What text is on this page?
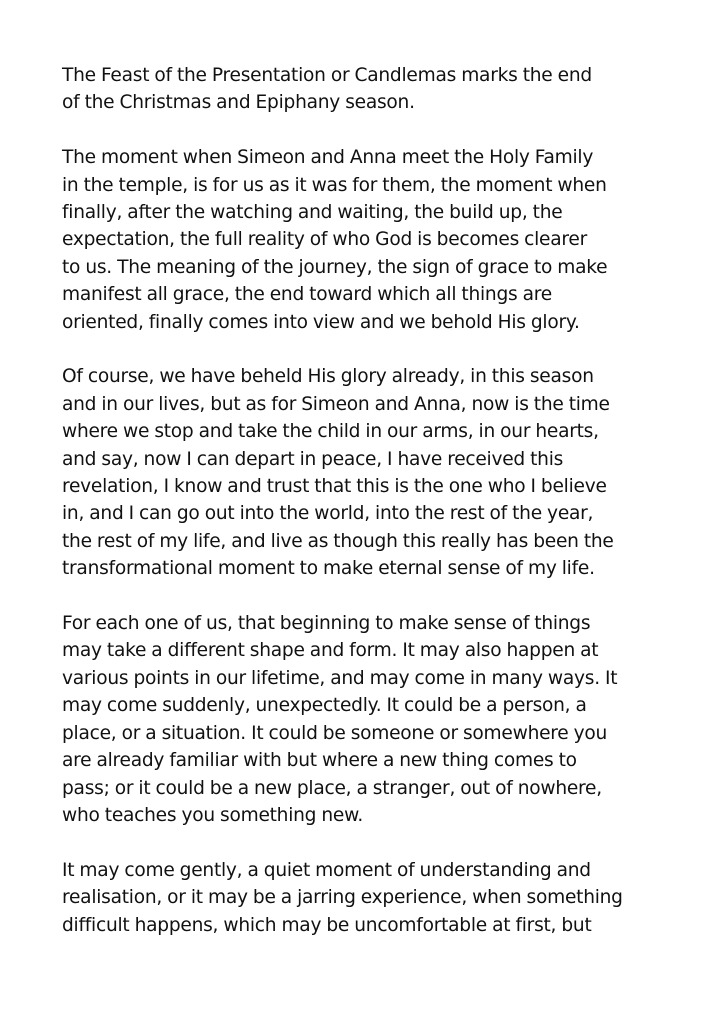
The Feast of the Presentation or Candlemas marks the end
of the Christmas and Epiphany season.

The moment when Simeon and Anna meet the Holy Family
in the temple, is for us as it was for them, the moment when
finally, after the watching and waiting, the build up, the
expectation, the full reality of who God is becomes clearer
to us. The meaning of the journey, the sign of grace to make
manifest all grace, the end toward which all things are
oriented, finally comes into view and we behold His glory.

Of course, we have beheld His glory already, in this season
and in our lives, but as for Simeon and Anna, now is the time
where we stop and take the child in our arms, in our hearts,
and say, now I can depart in peace, I have received this
revelation, I know and trust that this is the one who I believe
in, and I can go out into the world, into the rest of the year,
the rest of my life, and live as though this really has been the
transformational moment to make eternal sense of my life.

For each one of us, that beginning to make sense of things
may take a different shape and form. It may also happen at
various points in our lifetime, and may come in many ways. It
may come suddenly, unexpectedly. It could be a person, a
place, or a situation. It could be someone or somewhere you
are already familiar with but where a new thing comes to
pass; or it could be a new place, a stranger, out of nowhere,
who teaches you something new.

It may come gently, a quiet moment of understanding and
realisation, or it may be a jarring experience, when something
difficult happens, which may be uncomfortable at first, but
